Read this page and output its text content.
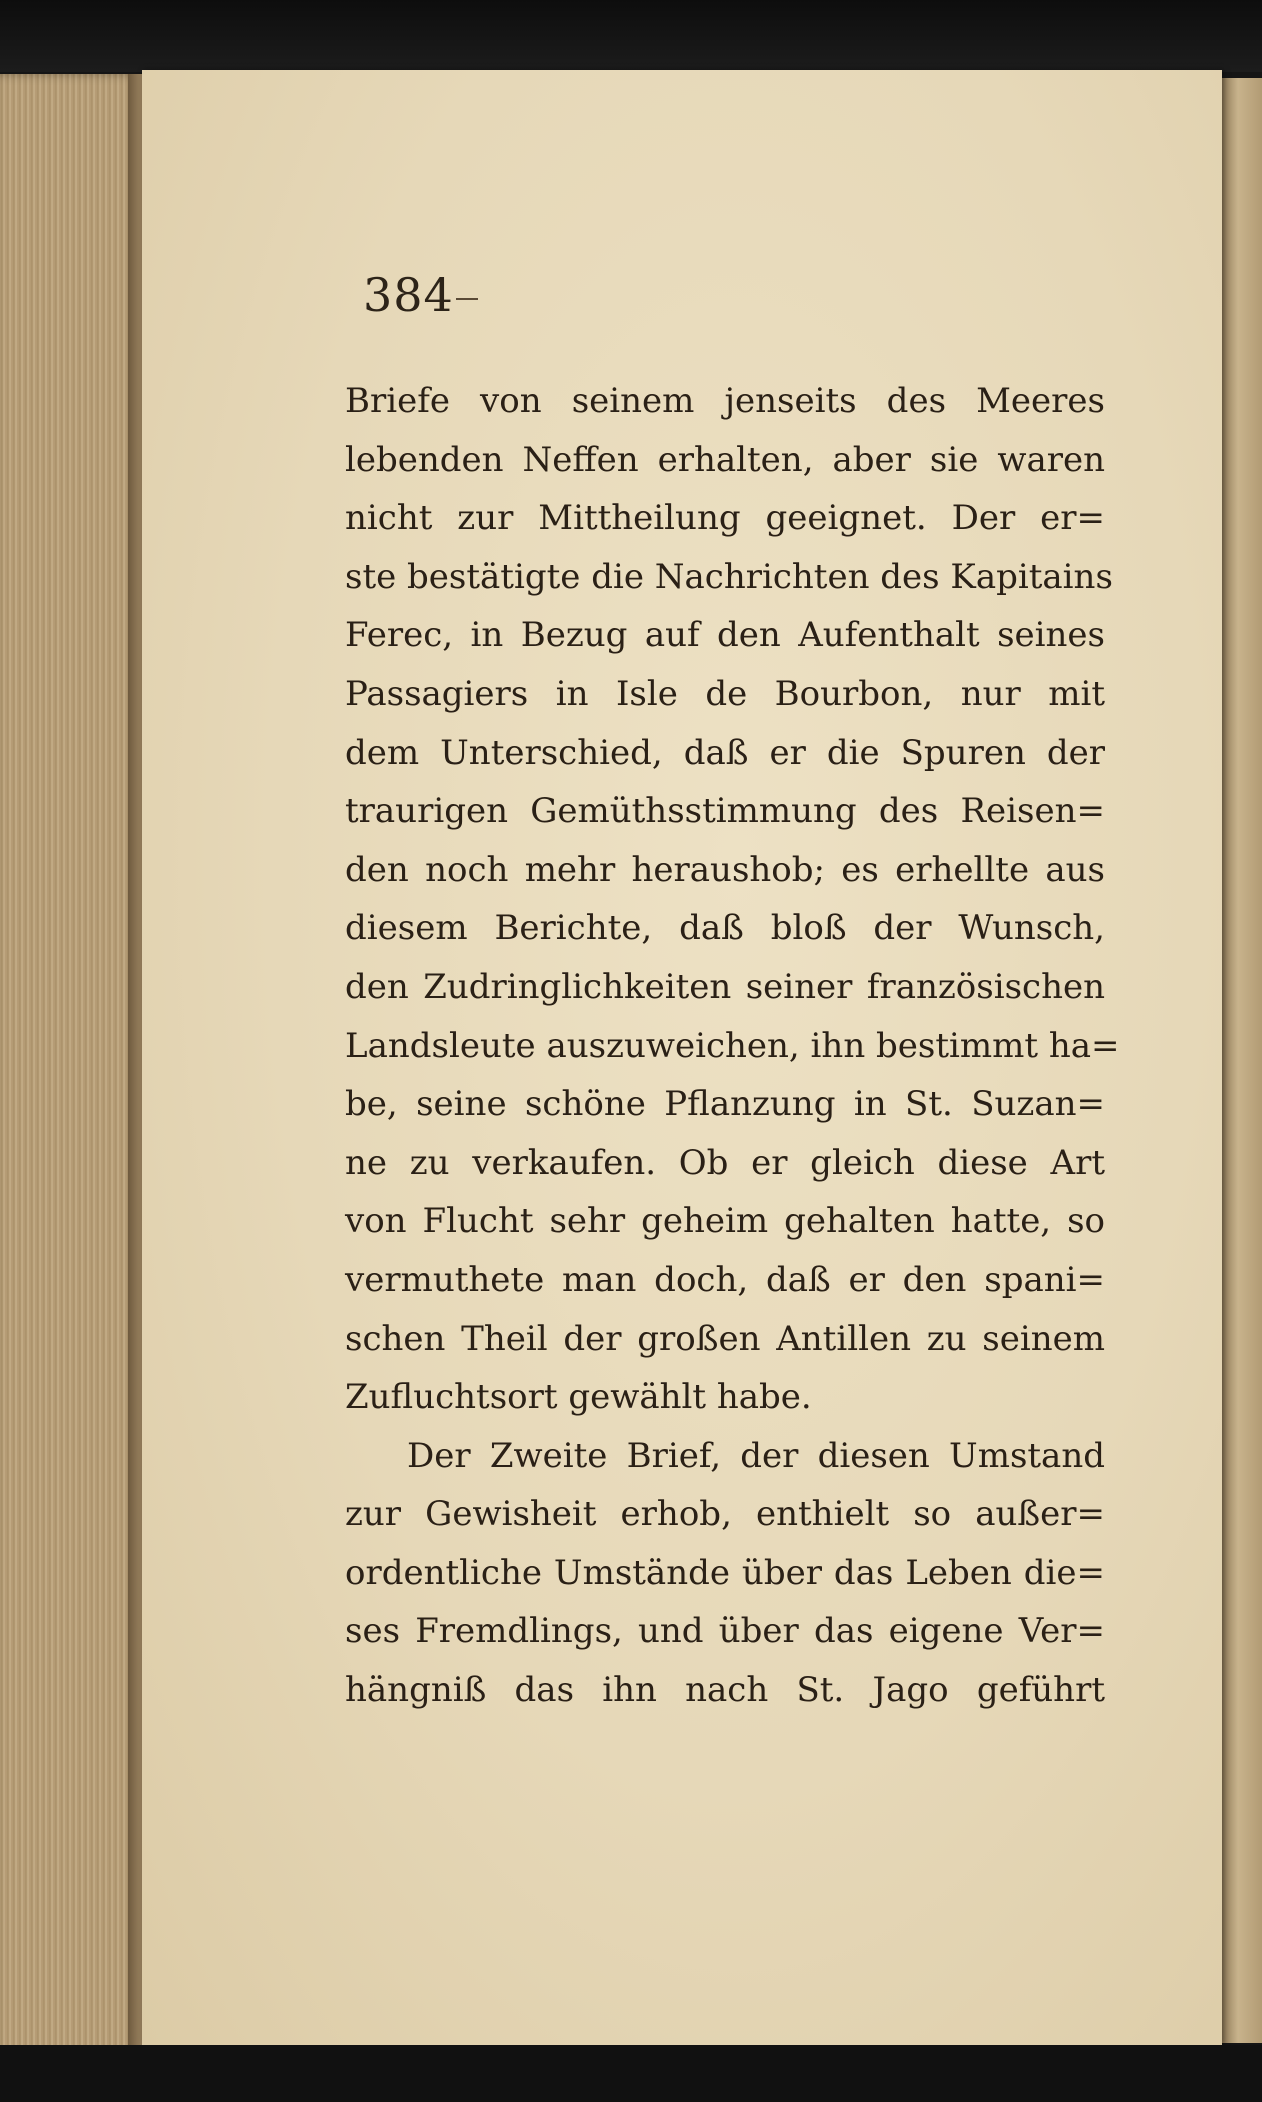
384
Briefe von seinem jenseits des Meeres
lebenden Neffen erhalten, aber sie waren
nicht zur Mittheilung geeignet. Der er=
ste bestätigte die Nachrichten des Kapitains
Ferec, in Bezug auf den Aufenthalt seines
Passagiers in Isle de Bourbon, nur mit
dem Unterschied, daß er die Spuren der
traurigen Gemüthsstimmung des Reisen=
den noch mehr heraushob; es erhellte aus
diesem Berichte, daß bloß der Wunsch,
den Zudringlichkeiten seiner französischen
Landsleute auszuweichen, ihn bestimmt ha=
be, seine schöne Pflanzung in St. Suzan=
ne zu verkaufen. Ob er gleich diese Art
von Flucht sehr geheim gehalten hatte, so
vermuthete man doch, daß er den spani=
schen Theil der großen Antillen zu seinem
Zufluchtsort gewählt habe.
Der Zweite Brief, der diesen Umstand
zur Gewisheit erhob, enthielt so außer=
ordentliche Umstände über das Leben die=
ses Fremdlings, und über das eigene Ver=
hängniß das ihn nach St. Jago geführt
